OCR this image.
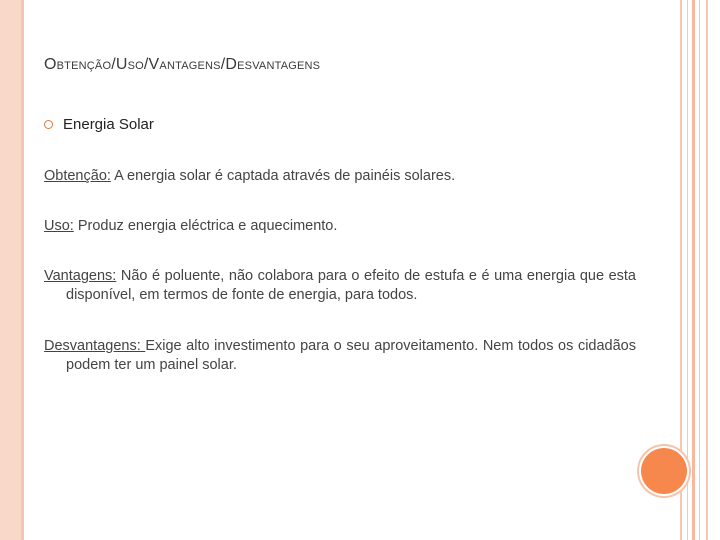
Obtenção/Uso/Vantagens/Desvantagens
Energia Solar

Obtenção: A energia solar é captada através de painéis solares.

Uso: Produz energia eléctrica e aquecimento.

Vantagens: Não é poluente, não colabora para o efeito de estufa e é uma energia que esta disponível, em termos de fonte de energia, para todos.

Desvantagens: Exige alto investimento para o seu aproveitamento. Nem todos os cidadãos podem ter um painel solar.
